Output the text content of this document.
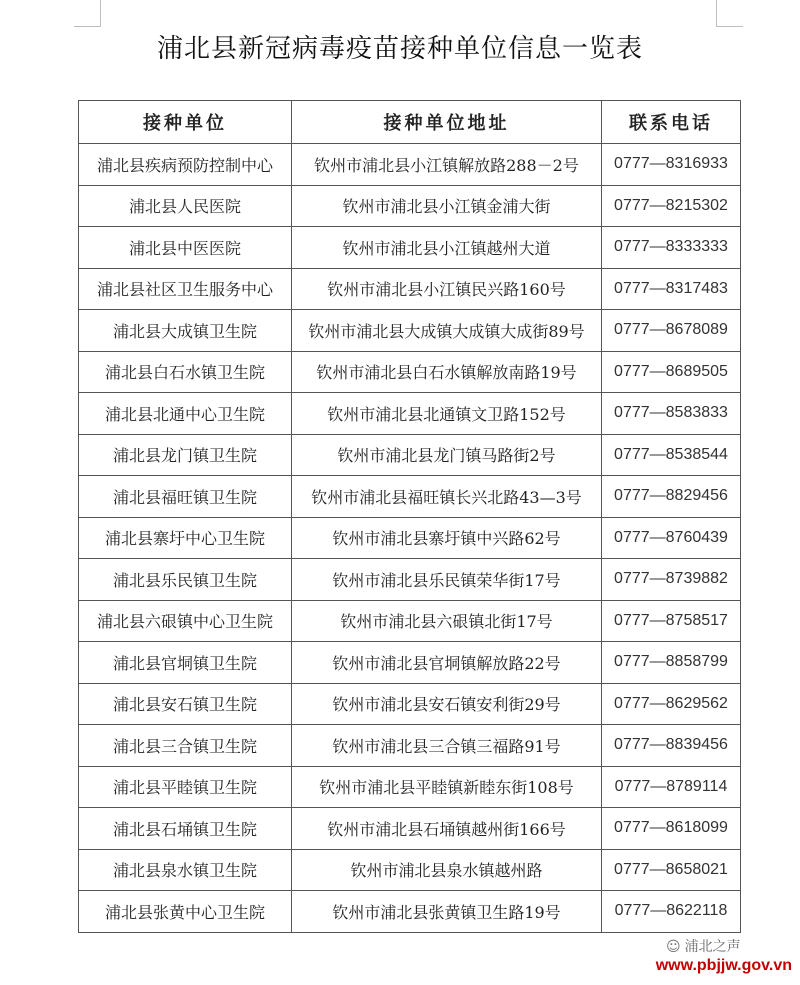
浦北县新冠病毒疫苗接种单位信息一览表
接种单位	接种单位地址	联系电话
浦北县疾病预防控制中心	钦州市浦北县小江镇解放路288－2号	0777—8316933
浦北县人民医院	钦州市浦北县小江镇金浦大街	0777—8215302
浦北县中医医院	钦州市浦北县小江镇越州大道	0777—8333333
浦北县社区卫生服务中心	钦州市浦北县小江镇民兴路160号	0777—8317483
浦北县大成镇卫生院	钦州市浦北县大成镇大成镇大成街89号	0777—8678089
浦北县白石水镇卫生院	钦州市浦北县白石水镇解放南路19号	0777—8689505
浦北县北通中心卫生院	钦州市浦北县北通镇文卫路152号	0777—8583833
浦北县龙门镇卫生院	钦州市浦北县龙门镇马路街2号	0777—8538544
浦北县福旺镇卫生院	钦州市浦北县福旺镇长兴北路43—3号	0777—8829456
浦北县寨圩中心卫生院	钦州市浦北县寨圩镇中兴路62号	0777—8760439
浦北县乐民镇卫生院	钦州市浦北县乐民镇荣华街17号	0777—8739882
浦北县六硍镇中心卫生院	钦州市浦北县六硍镇北街17号	0777—8758517
浦北县官垌镇卫生院	钦州市浦北县官垌镇解放路22号	0777—8858799
浦北县安石镇卫生院	钦州市浦北县安石镇安利街29号	0777—8629562
浦北县三合镇卫生院	钦州市浦北县三合镇三福路91号	0777—8839456
浦北县平睦镇卫生院	钦州市浦北县平睦镇新睦东街108号	0777—8789114
浦北县石埇镇卫生院	钦州市浦北县石埇镇越州街166号	0777—8618099
浦北县泉水镇卫生院	钦州市浦北县泉水镇越州路	0777—8658021
浦北县张黄中心卫生院	钦州市浦北县张黄镇卫生路19号	0777—8622118
☺ 浦北之声
www.pbjjw.gov.vn
